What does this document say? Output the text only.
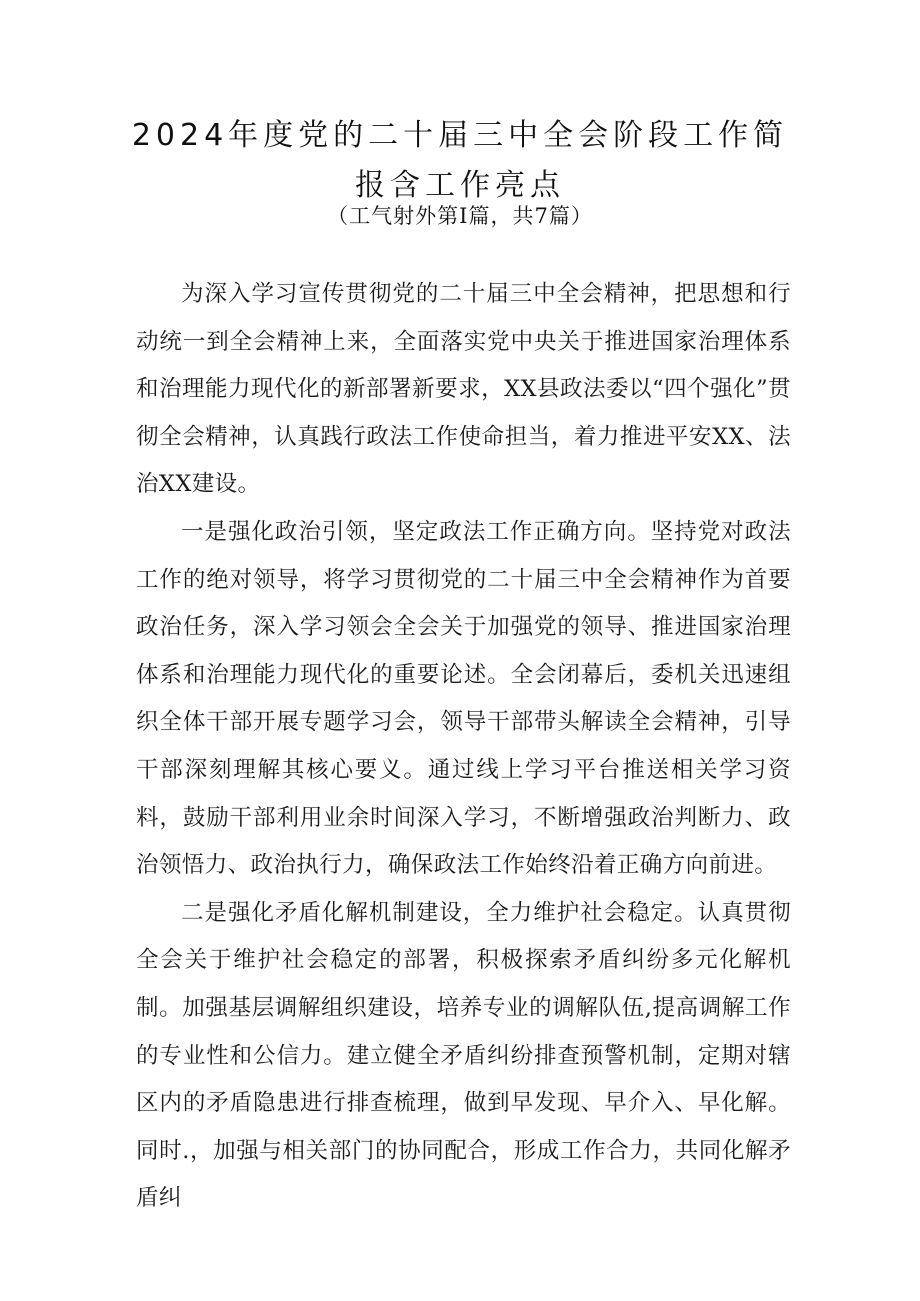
2024年度党的二十届三中全会阶段工作简
报含工作亮点
（工气射外第Ⅰ篇，共7篇）

为深入学习宣传贯彻党的二十届三中全会精神，把思想和行动统一到全会精神上来，全面落实党中央关于推进国家治理体系和治理能力现代化的新部署新要求，XX县政法委以“四个强化”贯彻全会精神，认真践行政法工作使命担当，着力推进平安XX、法治XX建设。

一是强化政治引领，坚定政法工作正确方向。坚持党对政法工作的绝对领导，将学习贯彻党的二十届三中全会精神作为首要政治任务，深入学习领会全会关于加强党的领导、推进国家治理体系和治理能力现代化的重要论述。全会闭幕后，委机关迅速组织全体干部开展专题学习会，领导干部带头解读全会精神，引导干部深刻理解其核心要义。通过线上学习平台推送相关学习资料，鼓励干部利用业余时间深入学习，不断增强政治判断力、政治领悟力、政治执行力，确保政法工作始终沿着正确方向前进。

二是强化矛盾化解机制建设，全力维护社会稳定。认真贯彻全会关于维护社会稳定的部署，积极探索矛盾纠纷多元化解机制。加强基层调解组织建设，培养专业的调解队伍,提高调解工作的专业性和公信力。建立健全矛盾纠纷排查预警机制，定期对辖区内的矛盾隐患进行排查梳理，做到早发现、早介入、早化解。同时.，加强与相关部门的协同配合，形成工作合力，共同化解矛盾纠
